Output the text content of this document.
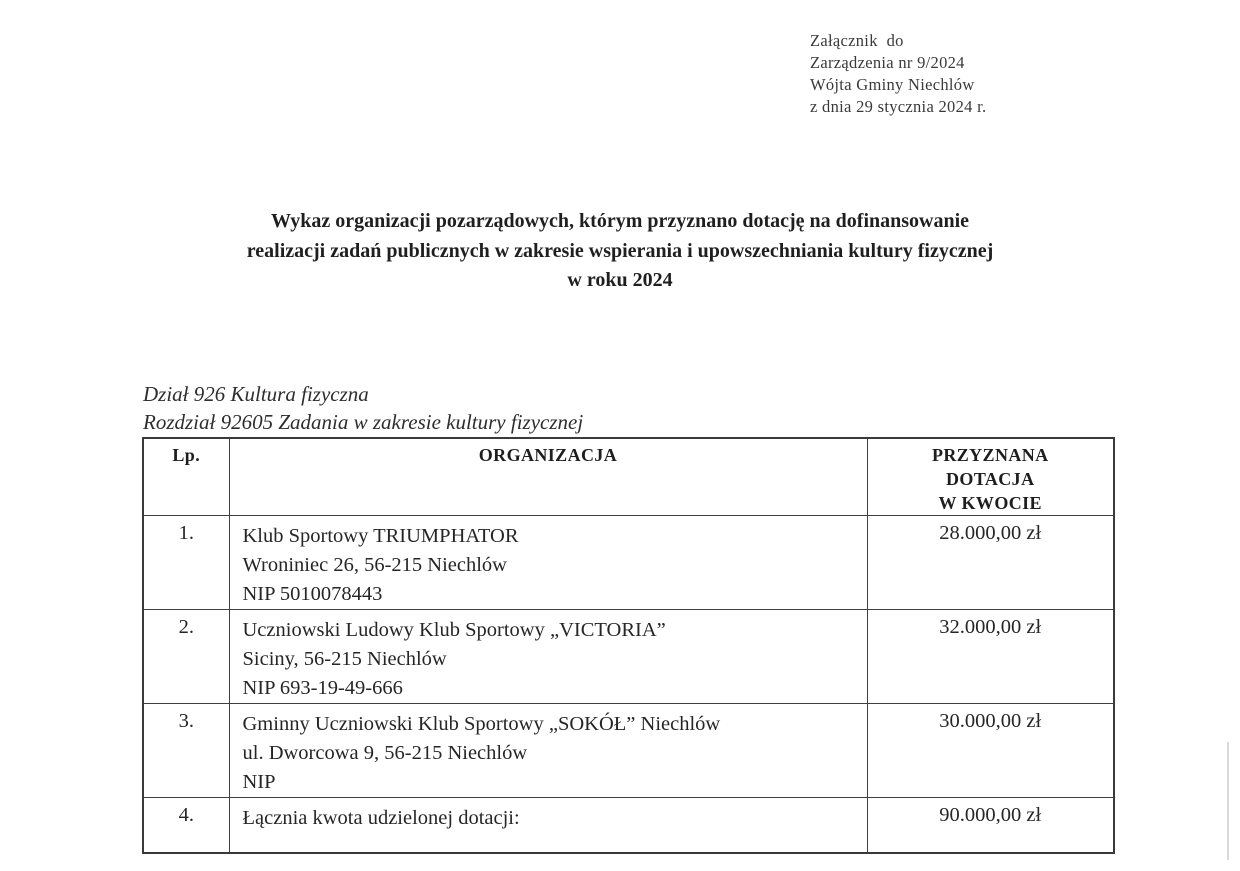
Załącznik  do
Zarządzenia nr 9/2024
Wójta Gminy Niechlów
z dnia 29 stycznia 2024 r.
Wykaz organizacji pozarządowych, którym przyznano dotację na dofinansowanie
realizacji zadań publicznych w zakresie wspierania i upowszechniania kultury fizycznej
w roku 2024
Dział 926 Kultura fizyczna
Rozdział 92605 Zadania w zakresie kultury fizycznej
Lp.	ORGANIZACJA	PRZYZNANA
DOTACJA
W KWOCIE

1.	Klub Sportowy TRIUMPHATOR
Wroniniec 26, 56-215 Niechlów
NIP 5010078443	28.000,00 zł
2.	Uczniowski Ludowy Klub Sportowy „VICTORIA”
Siciny, 56-215 Niechlów
NIP 693-19-49-666	32.000,00 zł
3.	Gminny Uczniowski Klub Sportowy „SOKÓŁ” Niechlów
ul. Dworcowa 9, 56-215 Niechlów
NIP	30.000,00 zł
4.	Łącznia kwota udzielonej dotacji:	90.000,00 zł
